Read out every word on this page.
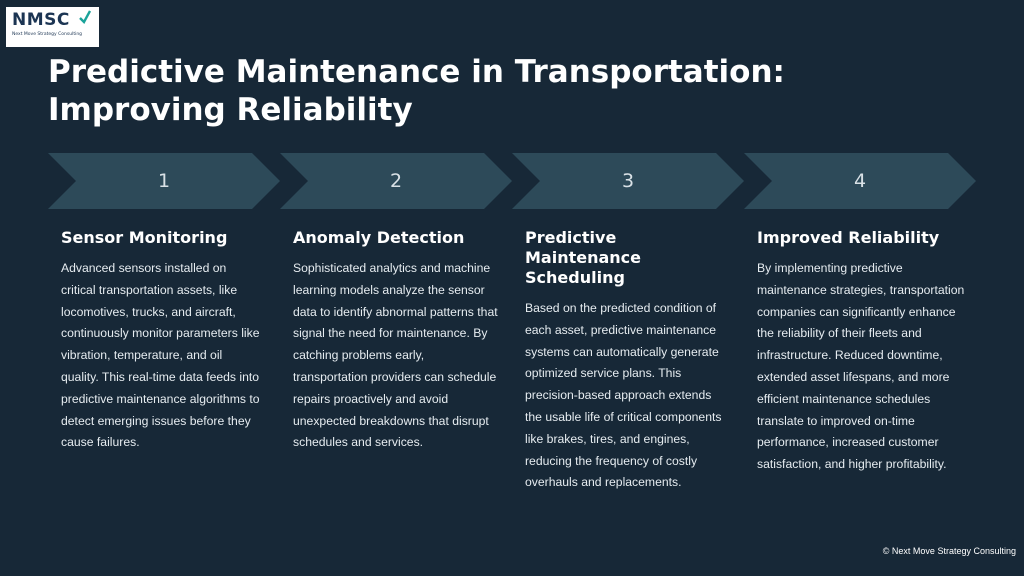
NMSC
Next Move Strategy Consulting
Predictive Maintenance in Transportation: Improving Reliability
1	2	3	4
Sensor Monitoring

Advanced sensors installed on critical transportation assets, like locomotives, trucks, and aircraft, continuously monitor parameters like vibration, temperature, and oil quality. This real-time data feeds into predictive maintenance algorithms to detect emerging issues before they cause failures.

Anomaly Detection

Sophisticated analytics and machine learning models analyze the sensor data to identify abnormal patterns that signal the need for maintenance. By catching problems early, transportation providers can schedule repairs proactively and avoid unexpected breakdowns that disrupt schedules and services.

Predictive Maintenance Scheduling

Based on the predicted condition of each asset, predictive maintenance systems can automatically generate optimized service plans. This precision-based approach extends the usable life of critical components like brakes, tires, and engines, reducing the frequency of costly overhauls and replacements.

Improved Reliability

By implementing predictive maintenance strategies, transportation companies can significantly enhance the reliability of their fleets and infrastructure. Reduced downtime, extended asset lifespans, and more efficient maintenance schedules translate to improved on-time performance, increased customer satisfaction, and higher profitability.

© Next Move Strategy Consulting
